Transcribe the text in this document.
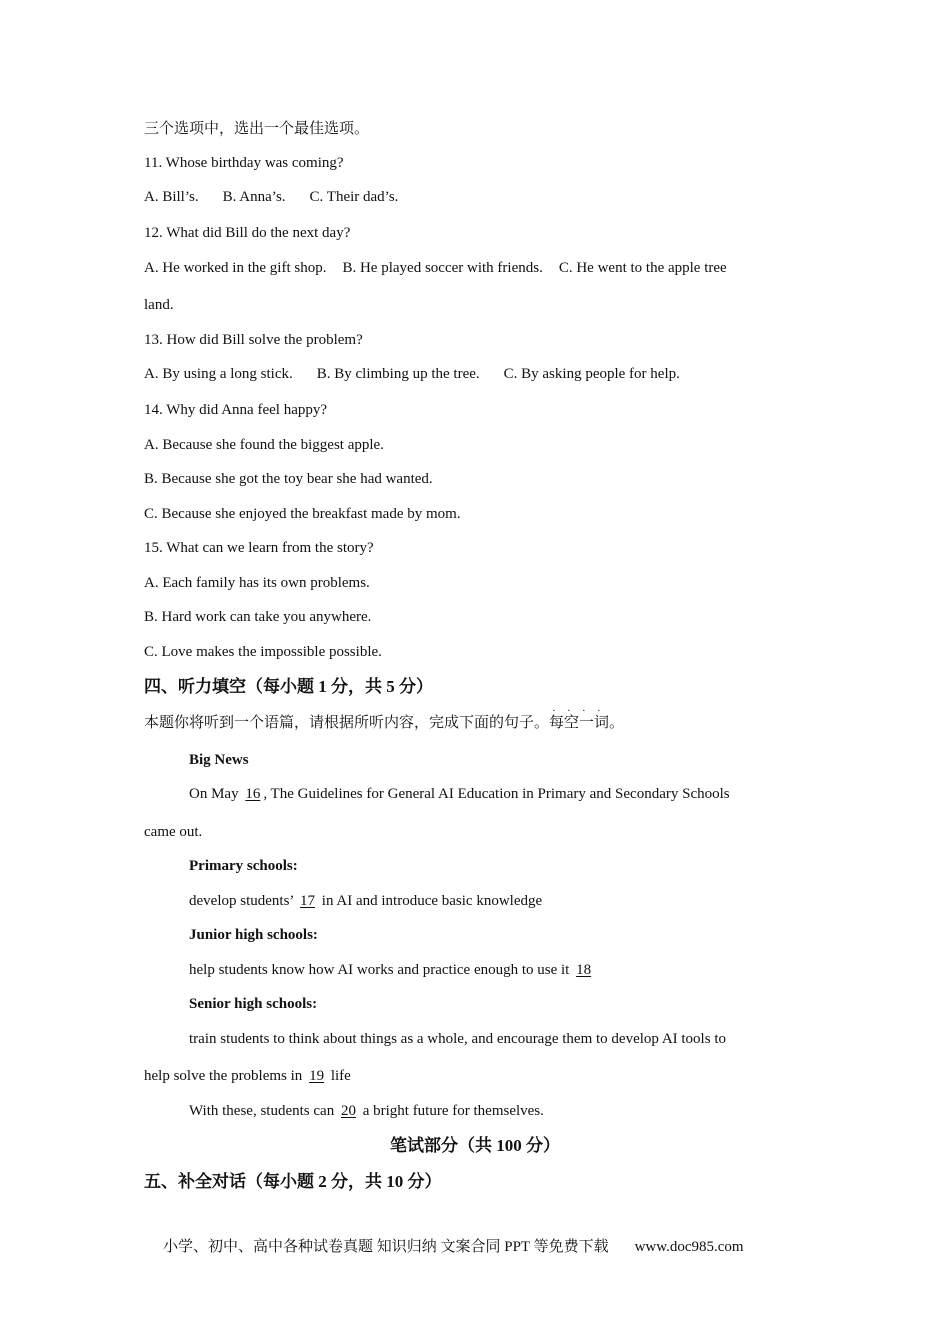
三个选项中，选出一个最佳选项。
11. Whose birthday was coming?
A. Bill’s. B. Anna’s. C. Their dad’s.
12. What did Bill do the next day?
A. He worked in the gift shop. B. He played soccer with friends. C. He went to the apple tree
land.
13. How did Bill solve the problem?
A. By using a long stick. B. By climbing up the tree. C. By asking people for help.
14. Why did Anna feel happy?
A. Because she found the biggest apple.
B. Because she got the toy bear she had wanted.
C. Because she enjoyed the breakfast made by mom.
15. What can we learn from the story?
A. Each family has its own problems.
B. Hard work can take you anywhere.
C. Love makes the impossible possible.
四、听力填空（每小题 1 分，共 5 分）
本题你将听到一个语篇，请根据所听内容，完成下面的句子。
· · · ·
每空一词。
Big News
On May 16 , The Guidelines for General AI Education in Primary and Secondary Schools
came out.
Primary schools:
develop students’ 17 in AI and introduce basic knowledge
Junior high schools:
help students know how AI works and practice enough to use it 18
Senior high schools:
train students to think about things as a whole, and encourage them to develop AI tools to
help solve the problems in 19 life
With these, students can 20 a bright future for themselves.
笔试部分（共 100 分）
五、补全对话（每小题 2 分，共 10 分）
小学、初中、高中各种试卷真题 知识归纳 文案合同 PPT 等免费下载 www.doc985.com
